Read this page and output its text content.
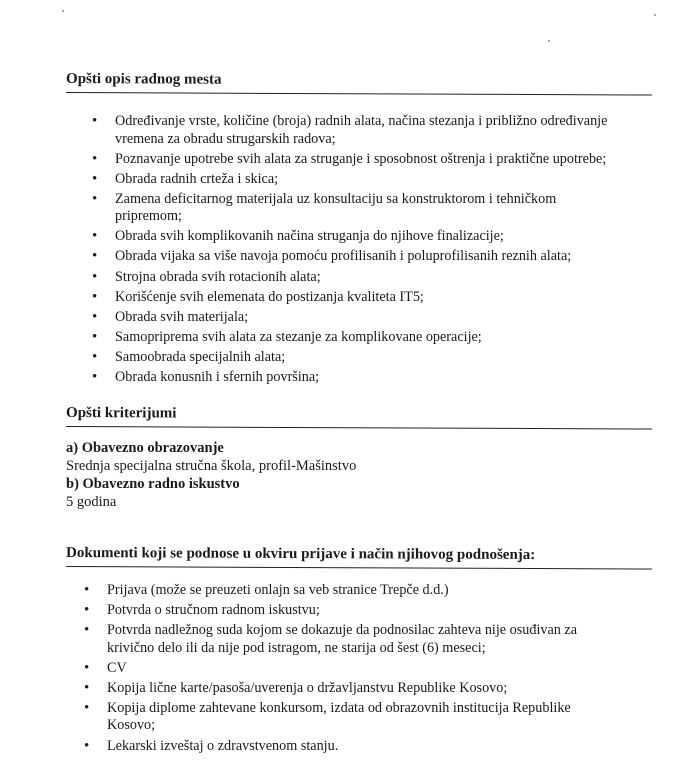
Opšti opis radnog mesta
• Određivanje vrste, količine (broja) radnih alata, načina stezanja i približno određivanje vremena za obradu strugarskih radova;
• Poznavanje upotrebe svih alata za struganje i sposobnost oštrenja i praktične upotrebe;
• Obrada radnih crteža i skica;
• Zamena deficitarnog materijala uz konsultaciju sa konstruktorom i tehničkom pripremom;
• Obrada svih komplikovanih načina struganja do njihove finalizacije;
• Obrada vijaka sa više navoja pomoću profilisanih i poluprofilisanih reznih alata;
• Strojna obrada svih rotacionih alata;
• Korišćenje svih elemenata do postizanja kvaliteta IT5;
• Obrada svih materijala;
• Samopriprema svih alata za stezanje za komplikovane operacije;
• Samoobrada specijalnih alata;
• Obrada konusnih i sfernih površina;
Opšti kriterijumi
a) Obavezno obrazovanje
Srednja specijalna stručna škola, profil-Mašinstvo
b) Obavezno radno iskustvo
5 godina
Dokumenti koji se podnose u okviru prijave i način njihovog podnošenja:
• Prijava (može se preuzeti onlajn sa veb stranice Trepče d.d.)
• Potvrda o stručnom radnom iskustvu;
• Potvrda nadležnog suda kojom se dokazuje da podnosilac zahteva nije osuđivan za krivično delo ili da nije pod istragom, ne starija od šest (6) meseci;
• CV
• Kopija lične karte/pasoša/uverenja o državljanstvu Republike Kosovo;
• Kopija diplome zahtevane konkursom, izdata od obrazovnih institucija Republike Kosovo;
• Lekarski izveštaj o zdravstvenom stanju.
